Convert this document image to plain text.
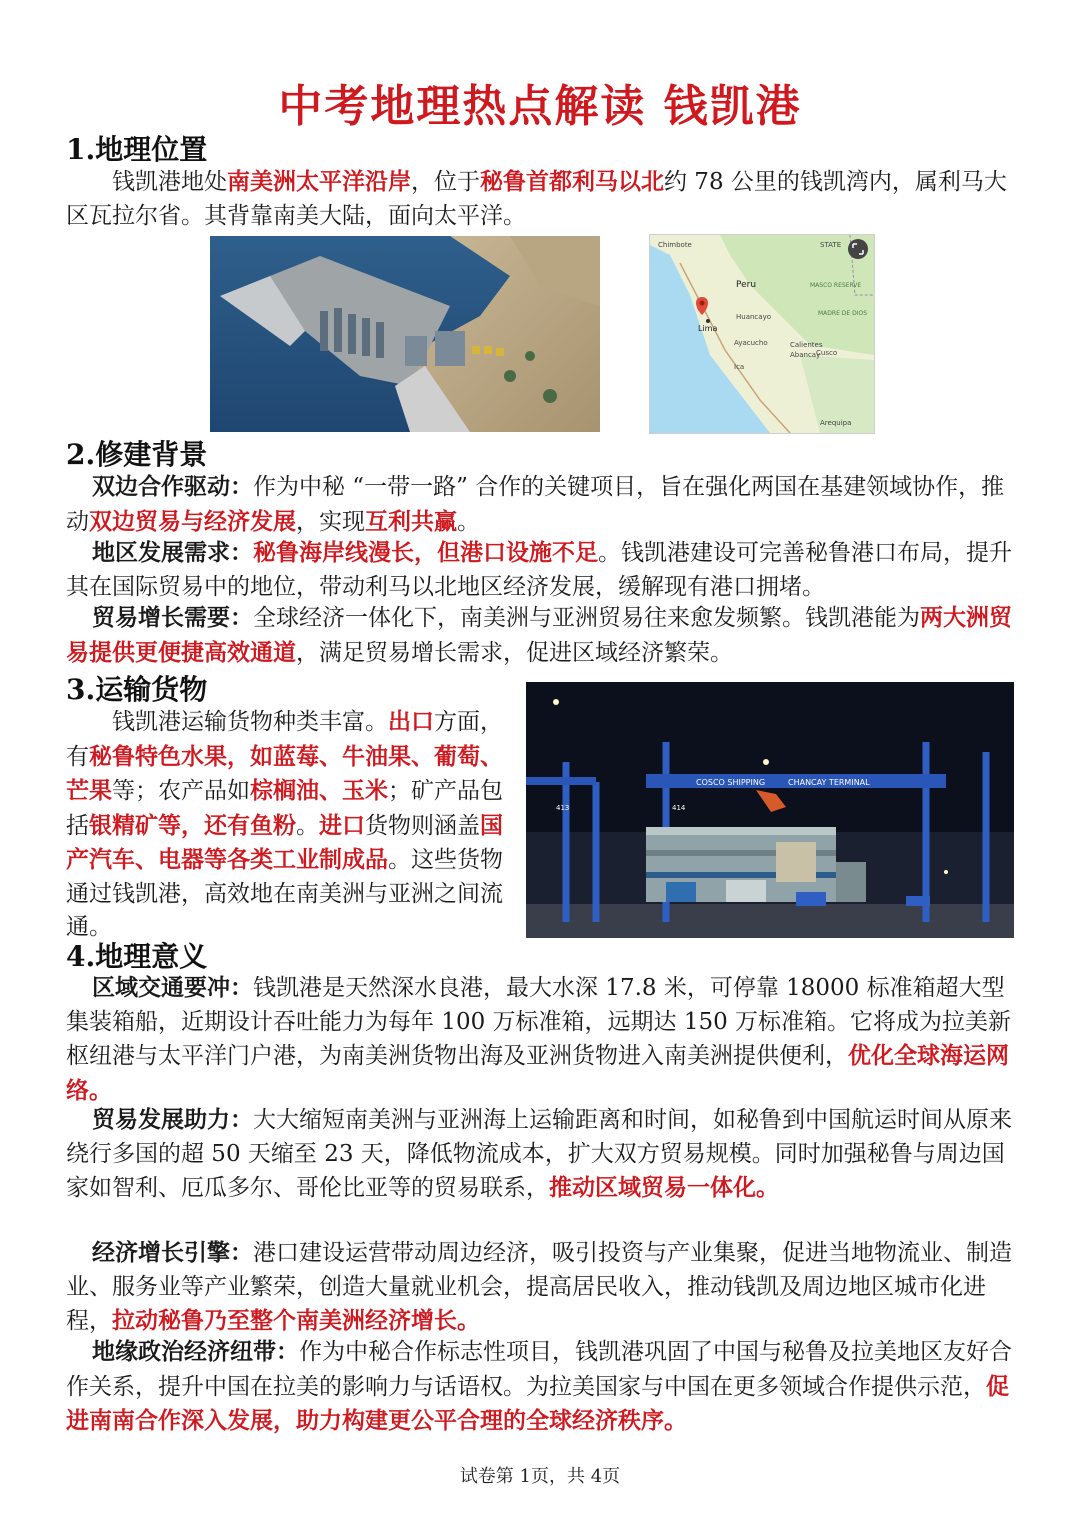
中考地理热点解读 钱凯港
1.地理位置
　　钱凯港地处南美洲太平洋沿岸，位于秘鲁首都利马以北约 78 公里的钱凯湾内，属利马大区瓦拉尔省。其背靠南美大陆，面向太平洋。
Chimbote
Peru
STATE
MASCO RESERVE
MADRE DE DIOS
Huancayo
Lima
Ayacucho	Calientes
Cusco
Abancay
Ica
Arequipa
2.修建背景
双边合作驱动：作为中秘 “一带一路” 合作的关键项目，旨在强化两国在基建领域协作，推动双边贸易与经济发展，实现互利共赢。
地区发展需求：秘鲁海岸线漫长，但港口设施不足。钱凯港建设可完善秘鲁港口布局，提升其在国际贸易中的地位，带动利马以北地区经济发展，缓解现有港口拥堵。
贸易增长需要：全球经济一体化下，南美洲与亚洲贸易往来愈发频繁。钱凯港能为两大洲贸易提供更便捷高效通道，满足贸易增长需求，促进区域经济繁荣。
3.运输货物
　　钱凯港运输货物种类丰富。出口方面，有秘鲁特色水果，如蓝莓、牛油果、葡萄、芒果等；农产品如棕榈油、玉米；矿产品包括银精矿等，还有鱼粉。进口货物则涵盖国产汽车、电器等各类工业制成品。这些货物通过钱凯港，高效地在南美洲与亚洲之间流通。
COSCO SHIPPING	CHANCAY TERMINAL
414
413
4.地理意义
区域交通要冲：钱凯港是天然深水良港，最大水深 17.8 米，可停靠 18000 标准箱超大型集装箱船，近期设计吞吐能力为每年 100 万标准箱，远期达 150 万标准箱。它将成为拉美新枢纽港与太平洋门户港，为南美洲货物出海及亚洲货物进入南美洲提供便利，优化全球海运网络。
贸易发展助力：大大缩短南美洲与亚洲海上运输距离和时间，如秘鲁到中国航运时间从原来绕行多国的超 50 天缩至 23 天，降低物流成本，扩大双方贸易规模。同时加强秘鲁与周边国家如智利、厄瓜多尔、哥伦比亚等的贸易联系，推动区域贸易一体化。
经济增长引擎：港口建设运营带动周边经济，吸引投资与产业集聚，促进当地物流业、制造业、服务业等产业繁荣，创造大量就业机会，提高居民收入，推动钱凯及周边地区城市化进程，拉动秘鲁乃至整个南美洲经济增长。
地缘政治经济纽带：作为中秘合作标志性项目，钱凯港巩固了中国与秘鲁及拉美地区友好合作关系，提升中国在拉美的影响力与话语权。为拉美国家与中国在更多领域合作提供示范，促进南南合作深入发展，助力构建更公平合理的全球经济秩序。
试卷第 1页，共 4页
